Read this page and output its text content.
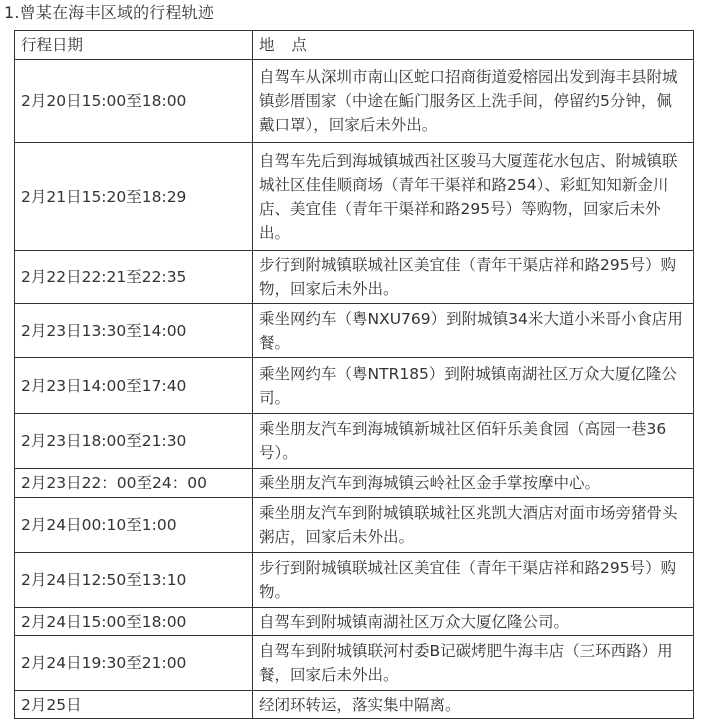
1.曾某在海丰区域的行程轨迹
行程日期	地 点
2月20日15:00至18:00	自驾车从深圳市南山区蛇口招商街道爱榕园出发到海丰县附城镇彭厝围家（中途在鮜门服务区上洗手间，停留约5分钟，佩戴口罩），回家后未外出。
2月21日15:20至18:29	自驾车先后到海城镇城西社区骏马大厦莲花水包店、附城镇联城社区佳佳顺商场（青年干渠祥和路254）、彩虹知知新金川店、美宜佳（青年干渠祥和路295号）等购物，回家后未外出。
2月22日22:21至22:35	步行到附城镇联城社区美宜佳（青年干渠店祥和路295号）购物，回家后未外出。
2月23日13:30至14:00	乘坐网约车（粤NXU769）到附城镇34米大道小米哥小食店用餐。
2月23日14:00至17:40	乘坐网约车（粤NTR185）到附城镇南湖社区万众大厦亿隆公司。
2月23日18:00至21:30	乘坐朋友汽车到海城镇新城社区佰轩乐美食园（高园一巷36号）。
2月23日22：00至24：00	乘坐朋友汽车到海城镇云岭社区金手掌按摩中心。
2月24日00:10至1:00	乘坐朋友汽车到附城镇联城社区兆凯大酒店对面市场旁猪骨头粥店，回家后未外出。
2月24日12:50至13:10	步行到附城镇联城社区美宜佳（青年干渠店祥和路295号）购物。
2月24日15:00至18:00	自驾车到附城镇南湖社区万众大厦亿隆公司。
2月24日19:30至21:00	自驾车到附城镇联河村委B记碳烤肥牛海丰店（三环西路）用餐，回家后未外出。
2月25日	经闭环转运，落实集中隔离。
